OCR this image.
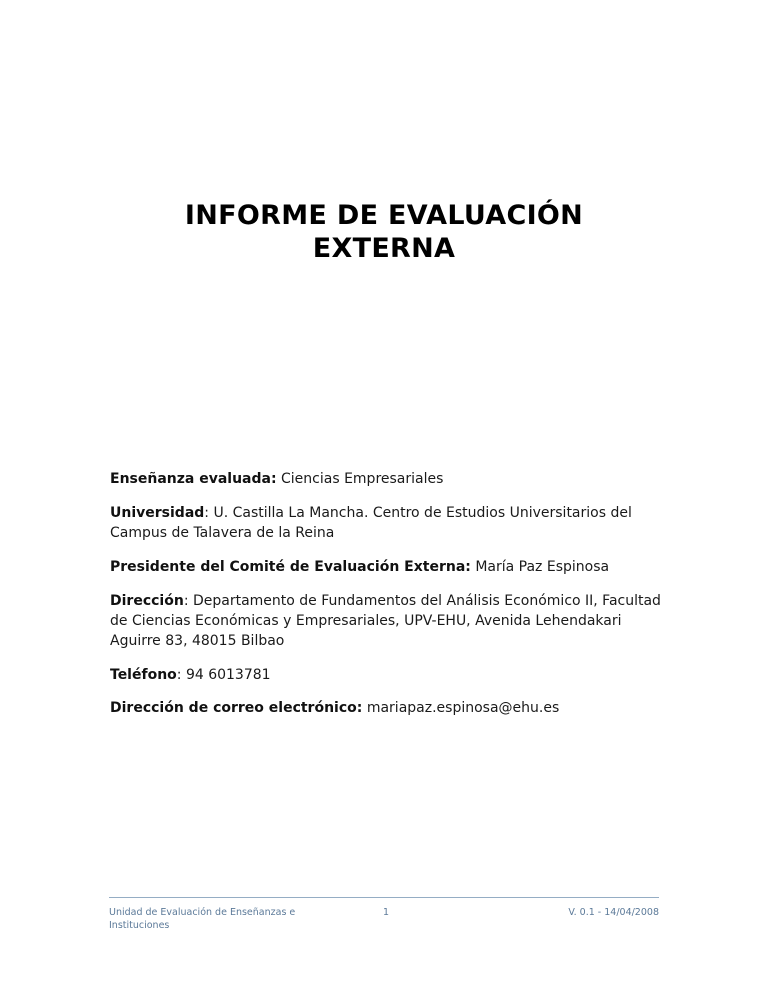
INFORME DE EVALUACIÓN
EXTERNA
Enseñanza evaluada: Ciencias Empresariales
Universidad: U. Castilla La Mancha. Centro de Estudios Universitarios del Campus de Talavera de la Reina
Presidente del Comité de Evaluación Externa: María Paz Espinosa
Dirección: Departamento de Fundamentos del Análisis Económico II, Facultad de Ciencias Económicas y Empresariales, UPV-EHU, Avenida Lehendakari Aguirre 83, 48015 Bilbao
Teléfono: 94 6013781
Dirección de correo electrónico: mariapaz.espinosa@ehu.es
Unidad de Evaluación de Enseñanzas e Instituciones
1	V. 0.1 - 14/04/2008
